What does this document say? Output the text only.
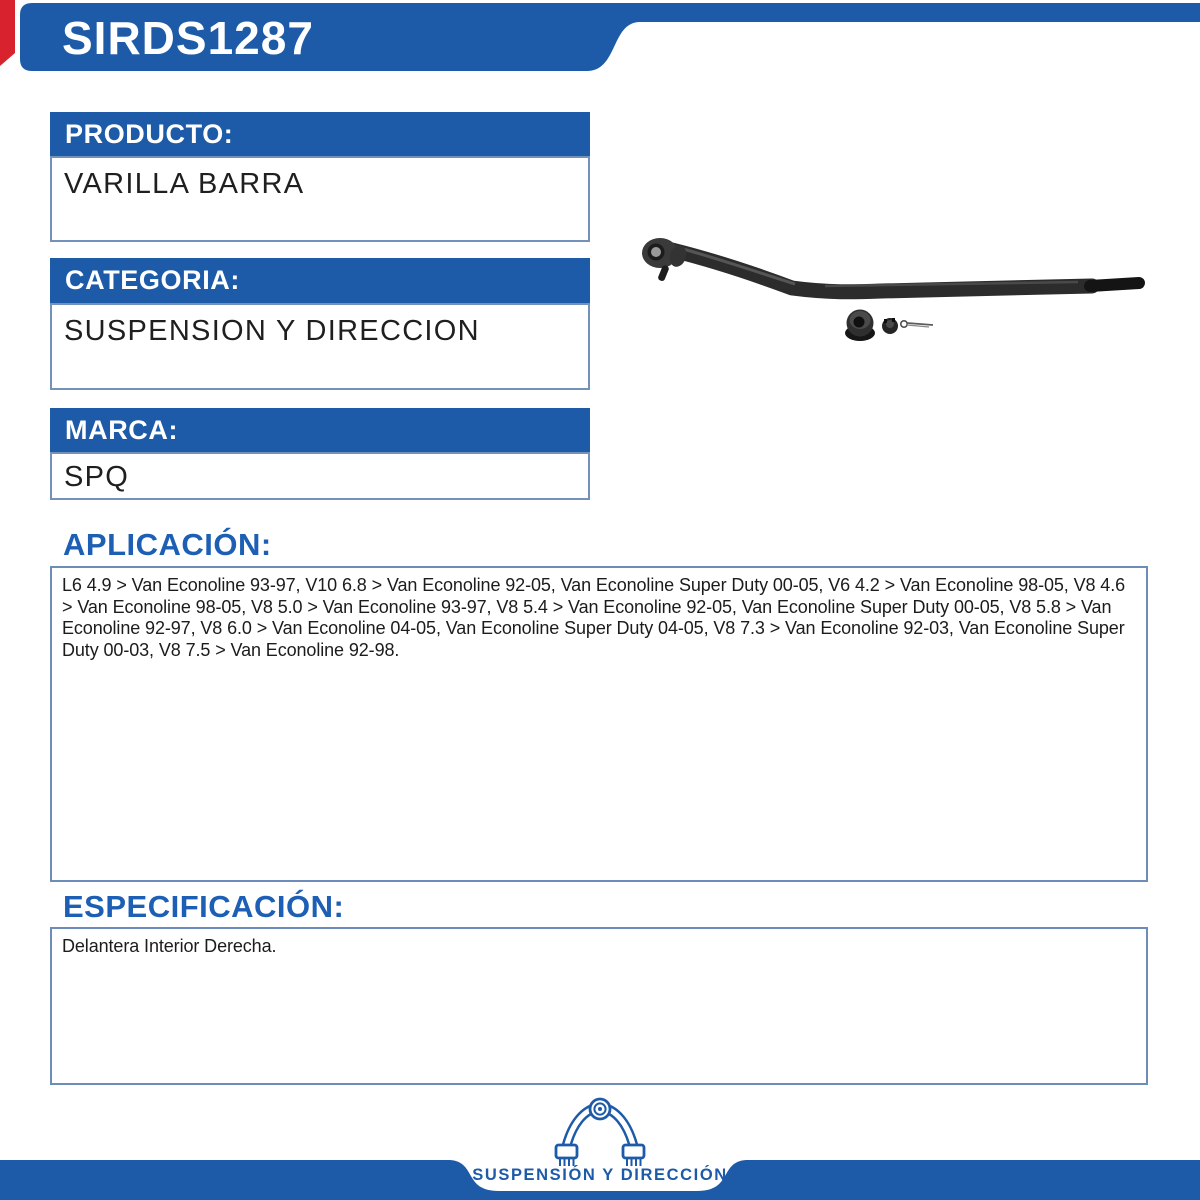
SIRDS1287
PRODUCTO:
VARILLA BARRA
CATEGORIA:
SUSPENSION Y DIRECCION
MARCA:
SPQ
APLICACIÓN:
L6 4.9 > Van Econoline 93-97, V10 6.8 > Van Econoline 92-05, Van Econoline Super Duty 00-05, V6 4.2 > Van Econoline 98-05, V8 4.6 > Van Econoline 98-05, V8 5.0 > Van Econoline 93-97, V8 5.4 > Van Econoline 92-05, Van Econoline Super Duty 00-05, V8 5.8 > Van Econoline 92-97, V8 6.0 > Van Econoline 04-05, Van Econoline Super Duty 04-05, V8 7.3 > Van Econoline 92-03, Van Econoline Super Duty 00-03, V8 7.5 > Van Econoline 92-98.
ESPECIFICACIÓN:
Delantera Interior Derecha.
SUSPENSIÓN Y DIRECCIÓN
